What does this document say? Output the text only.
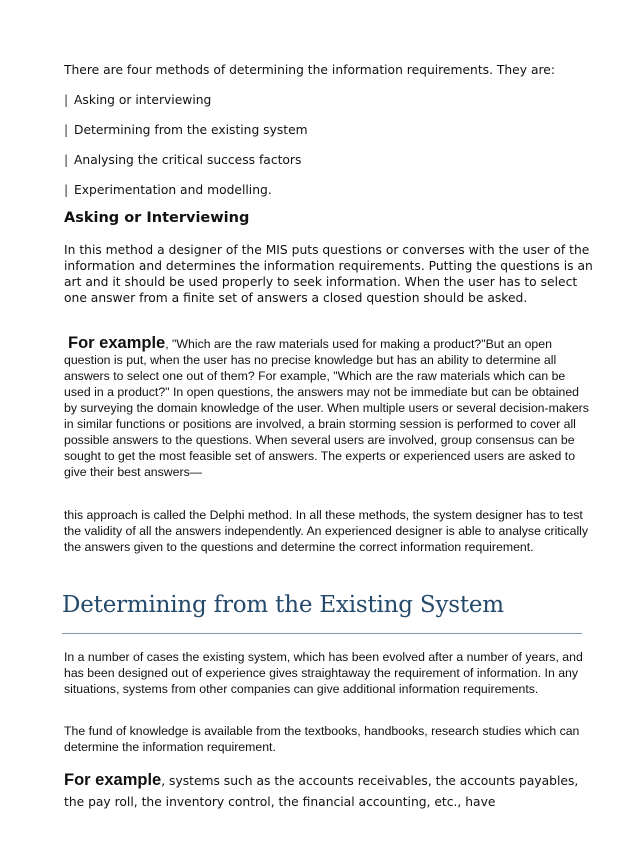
There are four methods of determining the information requirements. They are:

| Asking or interviewing

| Determining from the existing system

| Analysing the critical success factors

| Experimentation and modelling.

Asking or Interviewing

In this method a designer of the MIS puts questions or converses with the user of the information and determines the information requirements. Putting the questions is an art and it should be used properly to seek information. When the user has to select one answer from a finite set of answers a closed question should be asked.

For example, "Which are the raw materials used for making a product?"But an open question is put, when the user has no precise knowledge but has an ability to determine all answers to select one out of them? For example, "Which are the raw materials which can be used in a product?" In open questions, the answers may not be immediate but can be obtained by surveying the domain knowledge of the user. When multiple users or several decision-makers in similar functions or positions are involved, a brain storming session is performed to cover all possible answers to the questions. When several users are involved, group consensus can be sought to get the most feasible set of answers. The experts or experienced users are asked to give their best answers—

this approach is called the Delphi method. In all these methods, the system designer has to test the validity of all the answers independently. An experienced designer is able to analyse critically the answers given to the questions and determine the correct information requirement.

Determining from the Existing System

In a number of cases the existing system, which has been evolved after a number of years, and has been designed out of experience gives straightaway the requirement of information. In any situations, systems from other companies can give additional information requirements.

The fund of knowledge is available from the textbooks, handbooks, research studies which can determine the information requirement.

For example, systems such as the accounts receivables, the accounts payables, the pay roll, the inventory control, the financial accounting, etc., have
